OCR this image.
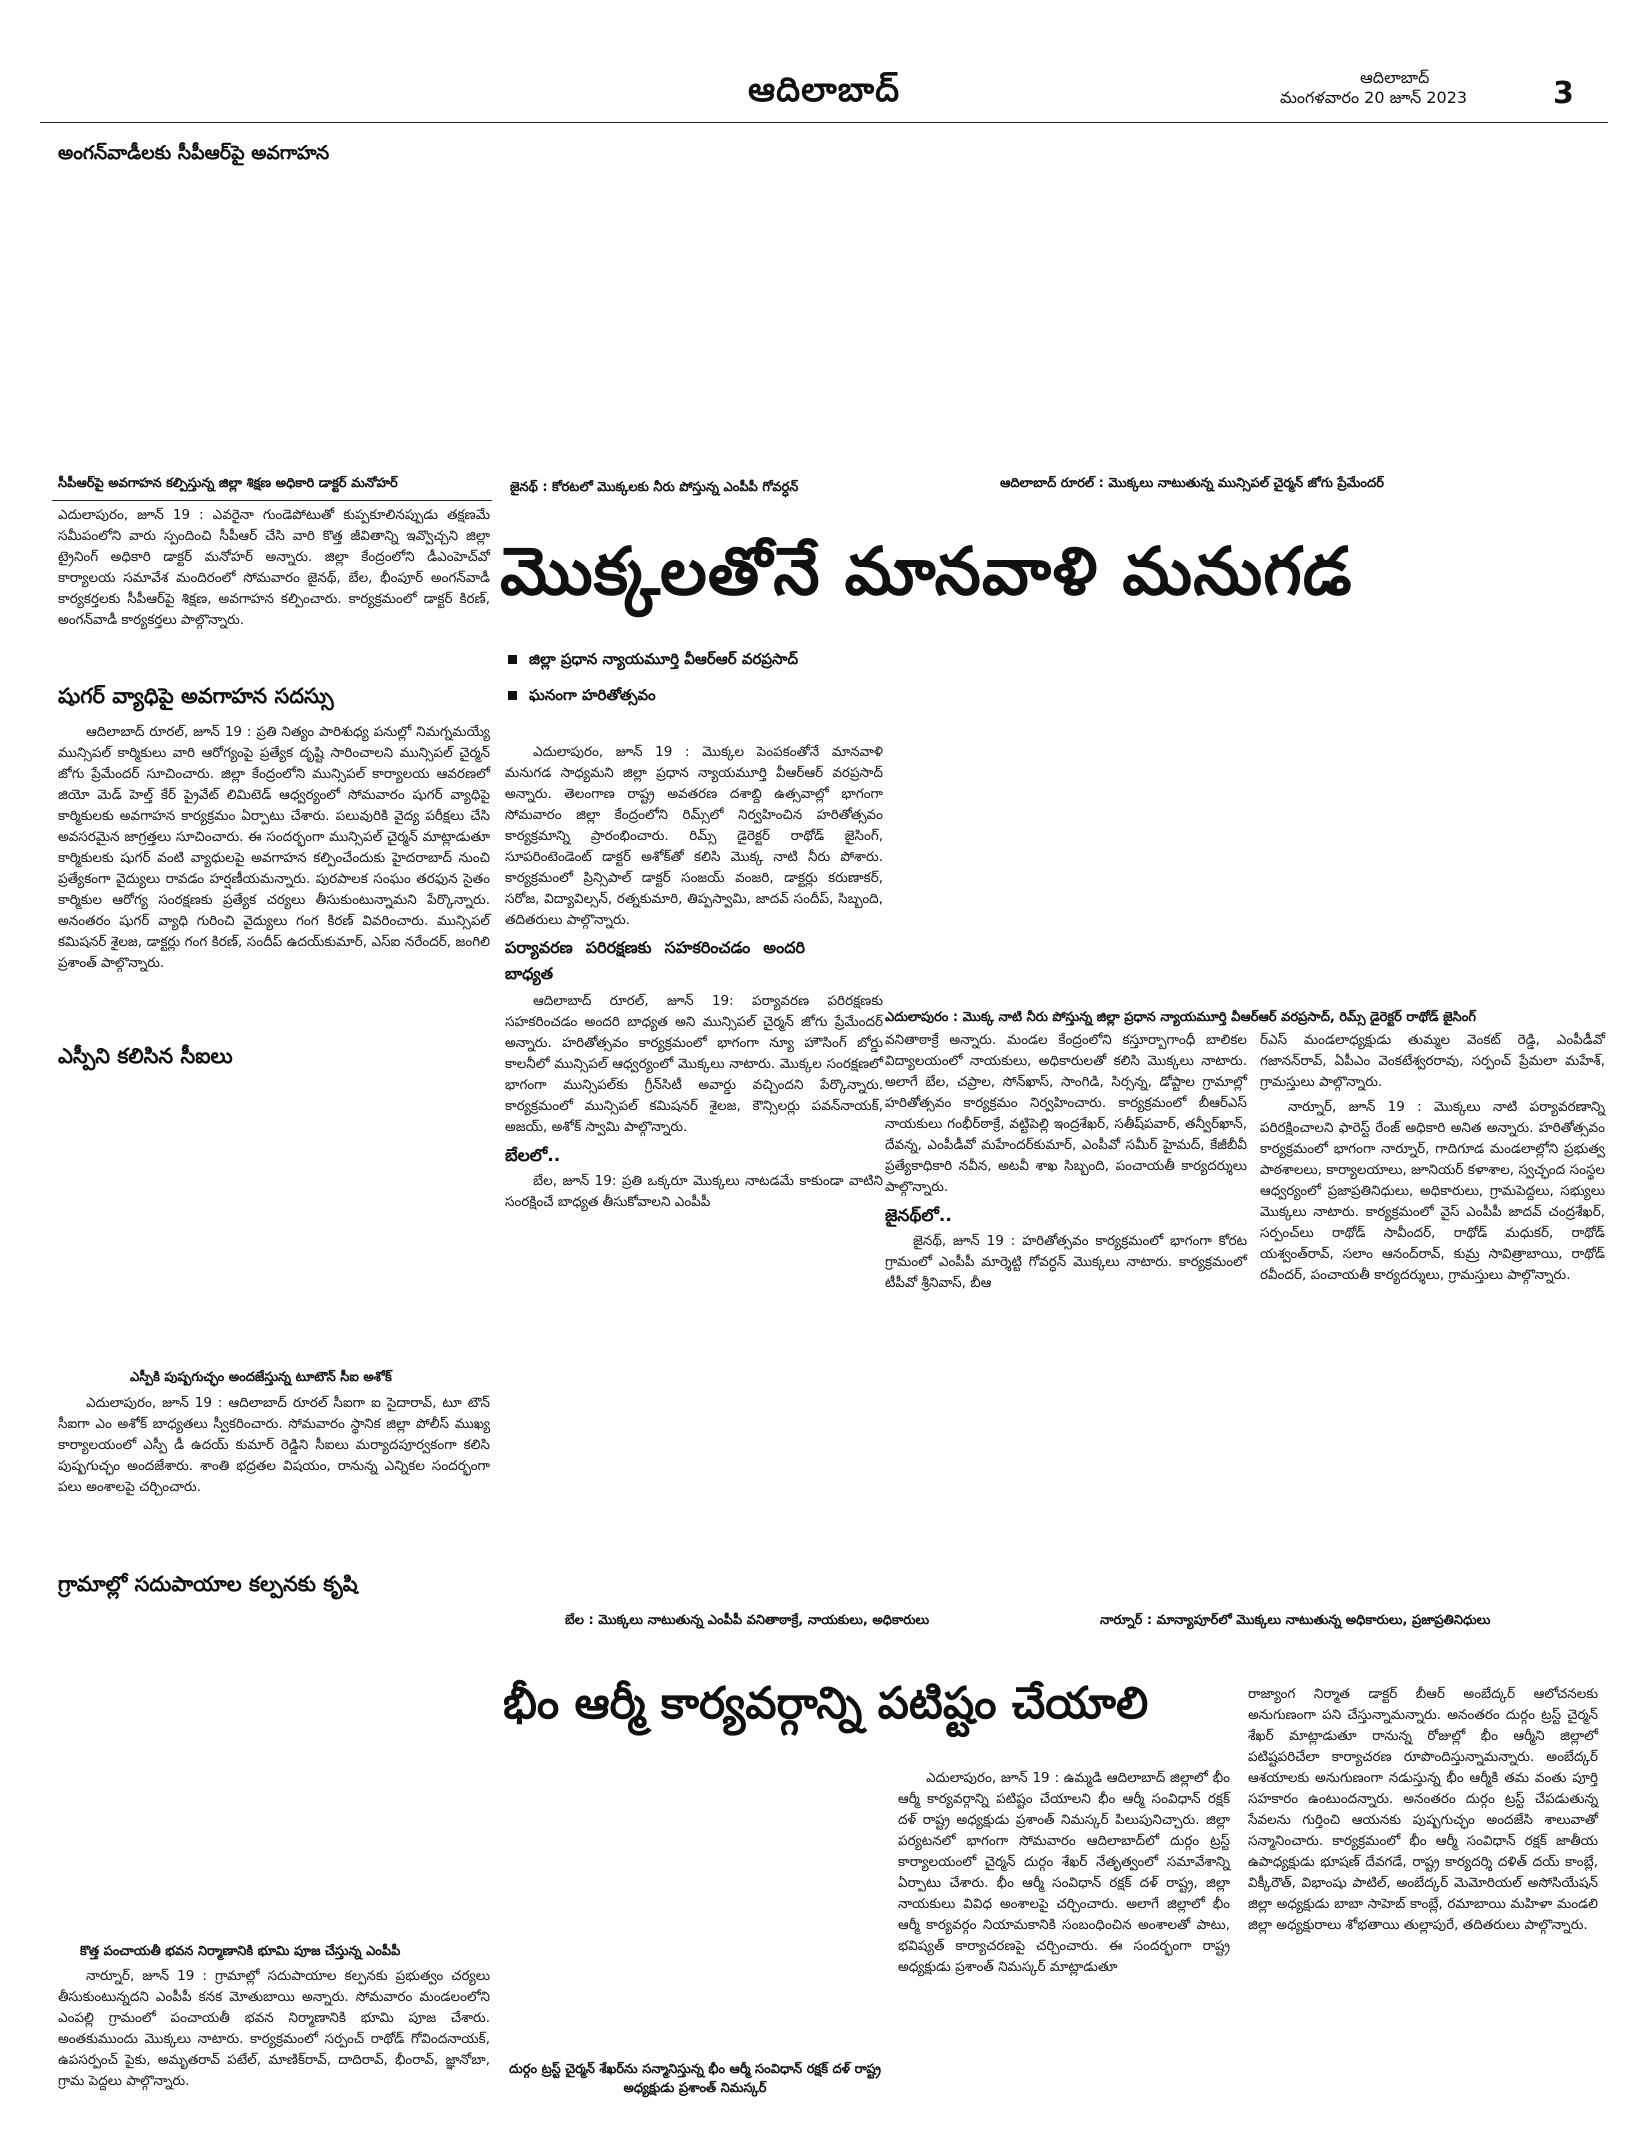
ఆదిలాబాద్	ఆదిలాబాద్
మంగళవారం 20 జూన్ 2023	3
అంగన్‌వాడీలకు సీపీఆర్‌పై అవగాహన
సీపీఆర్‌పై అవగాహన కల్పిస్తున్న జిల్లా శిక్షణ అధికారి డాక్టర్ మనోహర్	జైనథ్ : కోరటలో మొక్కలకు నీరు పోస్తున్న ఎంపీపీ గోవర్ధన్	ఆదిలాబాద్ రూరల్ : మొక్కలు నాటుతున్న మున్సిపల్ చైర్మన్ జోగు ప్రేమేందర్

ఎదులాపురం, జూన్ 19 : ఎవరైనా గుండెపోటుతో కుప్పకూలినప్పుడు తక్షణమే సమీపంలోని వారు స్పందించి సీపీఆర్ చేసి వారి కొత్త జీవితాన్ని ఇవ్వొచ్చని జిల్లా ట్రైనింగ్ అధికారి డాక్టర్ మనోహర్ అన్నారు. జిల్లా కేంద్రంలోని డీఎంహెచ్‌వో కార్యాలయ సమావేశ మందిరంలో సోమవారం జైనథ్, బేల, భీంపూర్ అంగన్‌వాడీ కార్యకర్తలకు సీపీఆర్‌పై శిక్షణ, అవగాహన కల్పించారు. కార్యక్రమంలో డాక్టర్ కిరణ్, అంగన్‌వాడీ కార్యకర్తలు పాల్గొన్నారు.

షుగర్ వ్యాధిపై అవగాహన సదస్సు

ఆదిలాబాద్ రూరల్, జూన్ 19 : ప్రతి నిత్యం పారిశుధ్య పనుల్లో నిమగ్నమయ్యే మున్సిపల్ కార్మికులు వారి ఆరోగ్యంపై ప్రత్యేక దృష్టి సారించాలని మున్సిపల్ చైర్మన్ జోగు ప్రేమేందర్ సూచించారు. జిల్లా కేంద్రంలోని మున్సిపల్ కార్యాలయ ఆవరణలో జియో మెడ్ హెల్త్ కేర్ ప్రైవేట్ లిమిటెడ్ ఆధ్వర్యంలో సోమవారం షుగర్ వ్యాధిపై కార్మికులకు అవగాహన కార్యక్రమం ఏర్పాటు చేశారు. పలువురికి వైద్య పరీక్షలు చేసి అవసరమైన జాగ్రత్తలు సూచించారు. ఈ సందర్భంగా మున్సిపల్ చైర్మన్ మాట్లాడుతూ కార్మికులకు షుగర్ వంటి వ్యాధులపై అవగాహన కల్పించేందుకు హైదరాబాద్ నుంచి ప్రత్యేకంగా వైద్యులు రావడం హర్షణీయమన్నారు. పురపాలక సంఘం తరఫున సైతం కార్మికుల ఆరోగ్య సంరక్షణకు ప్రత్యేక చర్యలు తీసుకుంటున్నామని పేర్కొన్నారు. అనంతరం షుగర్ వ్యాధి గురించి వైద్యులు గంగ కిరణ్ వివరించారు. మున్సిపల్ కమిషనర్ శైలజ, డాక్టర్లు గంగ కిరణ్, సందీప్ ఉదయ్‌కుమార్, ఎస్‌ఐ నరేందర్, జంగిలి ప్రశాంత్ పాల్గొన్నారు.

ఎస్పీని కలిసిన సీఐలు
ఎస్పీకి పుష్పగుచ్ఛం అందజేస్తున్న టూటౌన్ సీఐ అశోక్

ఎదులాపురం, జూన్ 19 : ఆదిలాబాద్ రూరల్ సీఐగా ఐ సైదారావ్, టూ టౌన్ సీఐగా ఎం అశోక్ బాధ్యతలు స్వీకరించారు. సోమవారం స్థానిక జిల్లా పోలీస్ ముఖ్య కార్యాలయంలో ఎస్పీ డీ ఉదయ్ కుమార్ రెడ్డిని సీఐలు మర్యాదపూర్వకంగా కలిసి పుష్పగుచ్ఛం అందజేశారు. శాంతి భద్రతల విషయం, రానున్న ఎన్నికల సందర్భంగా పలు అంశాలపై చర్చించారు.

గ్రామాల్లో సదుపాయాల కల్పనకు కృషి
కొత్త పంచాయతీ భవన నిర్మాణానికి భూమి పూజ చేస్తున్న ఎంపీపీ

నార్నూర్, జూన్ 19 : గ్రామాల్లో సదుపాయాల కల్పనకు ప్రభుత్వం చర్యలు తీసుకుంటున్నదని ఎంపీపీ కనక మోతుబాయి అన్నారు. సోమవారం మండలంలోని ఎంపల్లి గ్రామంలో పంచాయతీ భవన నిర్మాణానికి భూమి పూజ చేశారు. అంతకుముందు మొక్కలు నాటారు. కార్యక్రమంలో సర్పంచ్ రాథోడ్ గోవిందనాయక్, ఉపసర్పంచ్ పైకు, అమృతరావ్ పటేల్, మాణిక్‌రావ్, దాదిరావ్, భీంరావ్, జ్ఞానోబా, గ్రామ పెద్దలు పాల్గొన్నారు.

మొక్కలతోనే మానవాళి మనుగడ
జిల్లా ప్రధాన న్యాయమూర్తి వీఆర్‌ఆర్ వరప్రసాద్
ఘనంగా హరితోత్సవం

ఎదులాపురం, జూన్ 19 : మొక్కల పెంపకంతోనే మానవాళి మనుగడ సాధ్యమని జిల్లా ప్రధాన న్యాయమూర్తి వీఆర్‌ఆర్ వరప్రసాద్ అన్నారు. తెలంగాణ రాష్ట్ర అవతరణ దశాబ్ది ఉత్సవాల్లో భాగంగా సోమవారం జిల్లా కేంద్రంలోని రిమ్స్‌లో నిర్వహించిన హరితోత్సవం కార్యక్రమాన్ని ప్రారంభించారు. రిమ్స్ డైరెక్టర్ రాథోడ్ జైసింగ్, సూపరింటెండెంట్ డాక్టర్ అశోక్‌తో కలిసి మొక్క నాటి నీరు పోశారు. కార్యక్రమంలో ప్రిన్సిపాల్ డాక్టర్ సంజయ్ వంజరి, డాక్టర్లు కరుణాకర్, సరోజ, విద్యావిల్సన్, రత్నకుమారి, తిప్పస్వామి, జాదవ్ సందీప్, సిబ్బంది, తదితరులు పాల్గొన్నారు.

పర్యావరణ పరిరక్షణకు సహకరించడం అందరి బాధ్యత

ఆదిలాబాద్ రూరల్, జూన్ 19: పర్యావరణ పరిరక్షణకు సహకరించడం అందరి బాధ్యత అని మున్సిపల్ చైర్మన్ జోగు ప్రేమేందర్ అన్నారు. హరితోత్సవం కార్యక్రమంలో భాగంగా న్యూ హౌసింగ్ బోర్డు కాలనీలో మున్సిపల్ ఆధ్వర్యంలో మొక్కలు నాటారు. మొక్కల సంరక్షణలో భాగంగా మున్సిపల్‌కు గ్రీన్‌సిటీ అవార్డు వచ్చిందని పేర్కొన్నారు. కార్యక్రమంలో మున్సిపల్ కమిషనర్ శైలజ, కౌన్సిలర్లు పవన్‌నాయక్, అజయ్, అశోక్ స్వామి పాల్గొన్నారు.

బేలలో..

బేల, జూన్ 19: ప్రతి ఒక్కరూ మొక్కలు నాటడమే కాకుండా వాటిని సంరక్షించే బాధ్యత తీసుకోవాలని ఎంపీపీ

ఎదులాపురం : మొక్క నాటి నీరు పోస్తున్న జిల్లా ప్రధాన న్యాయమూర్తి వీఆర్‌ఆర్ వరప్రసాద్, రిమ్స్ డైరెక్టర్ రాథోడ్ జైసింగ్

వనితాఠాక్రే అన్నారు. మండల కేంద్రంలోని కస్తూర్బాగాంధీ బాలికల విద్యాలయంలో నాయకులు, అధికారులతో కలిసి మొక్కలు నాటారు. అలాగే బేల, చప్రాల, సోన్‌ఖాస్, సాంగిడి, సిర్సన్న, డోప్టాల గ్రామాల్లో హరితోత్సవం కార్యక్రమం నిర్వహించారు. కార్యక్రమంలో బీఆర్‌ఎస్ నాయకులు గంభీర్‌ఠాక్రే, వట్టిపెల్లి ఇంద్రశేఖర్, సతీష్‌పవార్, తన్వీర్‌ఖాన్, దేవన్న, ఎంపీడీవో మహేందర్‌కుమార్, ఎంపీవో సమీర్ హైమద్, కేజీబీవీ ప్రత్యేకాధికారి నవీన, అటవీ శాఖ సిబ్బంది, పంచాయతీ కార్యదర్శులు పాల్గొన్నారు.

జైనథ్‌లో..

జైనథ్, జూన్ 19 : హరితోత్సవం కార్యక్రమంలో భాగంగా కోరట గ్రామంలో ఎంపీపీ మార్శెట్టి గోవర్ధన్ మొక్కలు నాటారు. కార్యక్రమంలో టీపీవో శ్రీనివాస్, బీఆ

ర్‌ఎస్ మండలాధ్యక్షుడు తుమ్మల వెంకట్ రెడ్డి, ఎంపీడీవో గజానన్‌రావ్, ఏపీఎం వెంకటేశ్వరరావు, సర్పంచ్ ప్రేమలా మహేశ్, గ్రామస్తులు పాల్గొన్నారు.

నార్నూర్, జూన్ 19 : మొక్కలు నాటి పర్యావరణాన్ని పరిరక్షించాలని ఫారెస్ట్ రేంజ్ అధికారి అనిత అన్నారు. హరితోత్సవం కార్యక్రమంలో భాగంగా నార్నూర్, గాదిగూడ మండలాల్లోని ప్రభుత్వ పాఠశాలలు, కార్యాలయాలు, జూనియర్ కళాశాల, స్వచ్ఛంద సంస్థల ఆధ్వర్యంలో ప్రజాప్రతినిధులు, అధికారులు, గ్రామపెద్దలు, సభ్యులు మొక్కలు నాటారు. కార్యక్రమంలో వైస్ ఎంపీపీ జాదవ్ చంద్రశేఖర్, సర్పంచ్‌లు రాథోడ్ సావీందర్, రాథోడ్ మధుకర్, రాథోడ్ యశ్వంత్‌రావ్, సలాం ఆనంద్‌రావ్, కుమ్ర సావిత్రాబాయి, రాథోడ్ రవీందర్, పంచాయతీ కార్యదర్శులు, గ్రామస్తులు పాల్గొన్నారు.

బేల : మొక్కలు నాటుతున్న ఎంపీపీ వనితాఠాక్రే, నాయకులు, అధికారులు	నార్నూర్ : మాన్యాపూర్‌లో మొక్కలు నాటుతున్న అధికారులు, ప్రజాప్రతినిధులు
భీం ఆర్మీ కార్యవర్గాన్ని పటిష్టం చేయాలి
దుర్గం ట్రస్ట్ చైర్మన్ శేఖర్‌ను సన్మానిస్తున్న భీం ఆర్మీ సంవిధాన్ రక్షక్ దళ్ రాష్ట్ర అధ్యక్షుడు ప్రశాంత్ నిమస్కర్

ఎదులాపురం, జూన్ 19 : ఉమ్మడి ఆదిలాబాద్ జిల్లాలో భీం ఆర్మీ కార్యవర్గాన్ని పటిష్టం చేయాలని భీం ఆర్మీ సంవిధాన్ రక్షక్ దళ్ రాష్ట్ర అధ్యక్షుడు ప్రశాంత్ నిమస్కర్ పిలుపునిచ్చారు. జిల్లా పర్యటనలో భాగంగా సోమవారం ఆదిలాబాద్‌లో దుర్గం ట్రస్ట్ కార్యాలయంలో చైర్మన్ దుర్గం శేఖర్ నేతృత్వంలో సమావేశాన్ని ఏర్పాటు చేశారు. భీం ఆర్మీ సంవిధాన్ రక్షక్ దళ్ రాష్ట్ర, జిల్లా నాయకులు వివిధ అంశాలపై చర్చించారు. అలాగే జిల్లాలో భీం ఆర్మీ కార్యవర్గం నియామకానికి సంబంధించిన అంశాలతో పాటు, భవిష్యత్ కార్యాచరణపై చర్చించారు. ఈ సందర్భంగా రాష్ట్ర అధ్యక్షుడు ప్రశాంత్ నిమస్కర్ మాట్లాడుతూ

రాజ్యాంగ నిర్మాత డాక్టర్ బీఆర్ అంబేద్కర్ ఆలోచనలకు అనుగుణంగా పని చేస్తున్నామన్నారు. అనంతరం దుర్గం ట్రస్ట్ చైర్మన్ శేఖర్ మాట్లాడుతూ రానున్న రోజుల్లో భీం ఆర్మీని జిల్లాలో పటిష్టపరిచేలా కార్యాచరణ రూపొందిస్తున్నామన్నారు. అంబేద్కర్ ఆశయాలకు అనుగుణంగా నడుస్తున్న భీం ఆర్మీకి తమ వంతు పూర్తి సహకారం ఉంటుందన్నారు. అనంతరం దుర్గం ట్రస్ట్ చేపడుతున్న సేవలను గుర్తించి ఆయనకు పుష్పగుచ్ఛం అందజేసి శాలువాతో సన్మానించారు. కార్యక్రమంలో భీం ఆర్మీ సంవిధాన్ రక్షక్ జాతీయ ఉపాధ్యక్షుడు భూషణ్ దేవగడే, రాష్ట్ర కార్యదర్శి దళిత్ దయ్ కాంబ్లే, విక్కీరౌత్, విభాంషు పాటిల్, అంబేద్కర్ మెమోరియల్ అసోసియేషన్ జిల్లా అధ్యక్షుడు బాబా సాహెబ్ కాంబ్లే, రమాబాయి మహిళా మండలి జిల్లా అధ్యక్షురాలు శోభతాయి తుల్లాపురే, తదితరులు పాల్గొన్నారు.
